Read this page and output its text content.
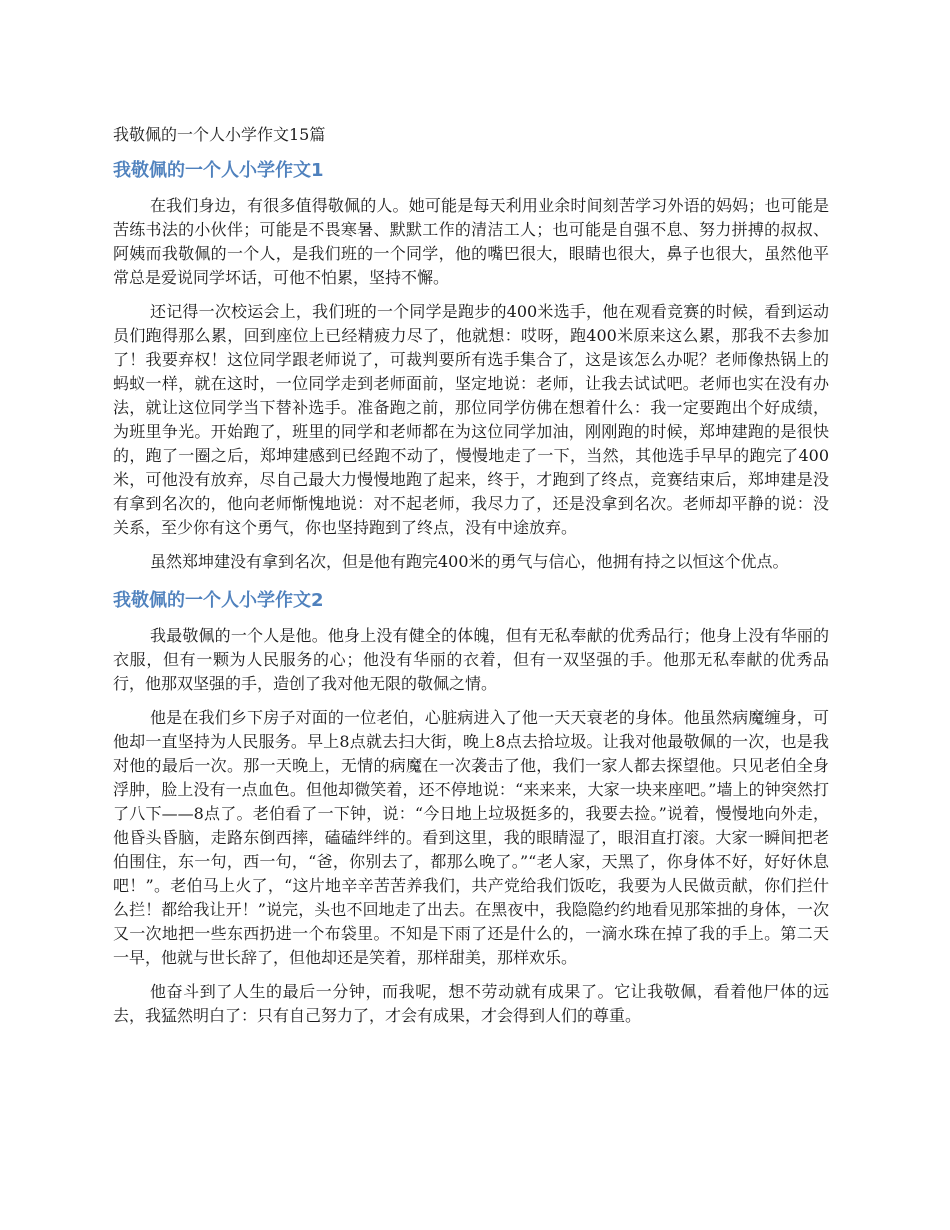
我敬佩的一个人小学作文15篇
我敬佩的一个人小学作文1

在我们身边，有很多值得敬佩的人。她可能是每天利用业余时间刻苦学习外语的妈妈；也可能是苦练书法的小伙伴；可能是不畏寒暑、默默工作的清洁工人；也可能是自强不息、努力拼搏的叔叔、阿姨而我敬佩的一个人，是我们班的一个同学，他的嘴巴很大，眼睛也很大，鼻子也很大，虽然他平常总是爱说同学坏话，可他不怕累，坚持不懈。

还记得一次校运会上，我们班的一个同学是跑步的400米选手，他在观看竞赛的时候，看到运动员们跑得那么累，回到座位上已经精疲力尽了，他就想：哎呀，跑400米原来这么累，那我不去参加了！我要弃权！这位同学跟老师说了，可裁判要所有选手集合了，这是该怎么办呢？老师像热锅上的蚂蚁一样，就在这时，一位同学走到老师面前，坚定地说：老师，让我去试试吧。老师也实在没有办法，就让这位同学当下替补选手。准备跑之前，那位同学仿佛在想着什么：我一定要跑出个好成绩，为班里争光。开始跑了，班里的同学和老师都在为这位同学加油，刚刚跑的时候，郑坤建跑的是很快的，跑了一圈之后，郑坤建感到已经跑不动了，慢慢地走了一下，当然，其他选手早早的跑完了400米，可他没有放弃，尽自己最大力慢慢地跑了起来，终于，才跑到了终点，竞赛结束后，郑坤建是没有拿到名次的，他向老师惭愧地说：对不起老师，我尽力了，还是没拿到名次。老师却平静的说：没关系，至少你有这个勇气，你也坚持跑到了终点，没有中途放弃。

虽然郑坤建没有拿到名次，但是他有跑完400米的勇气与信心，他拥有持之以恒这个优点。

我敬佩的一个人小学作文2

我最敬佩的一个人是他。他身上没有健全的体魄，但有无私奉献的优秀品行；他身上没有华丽的衣服，但有一颗为人民服务的心；他没有华丽的衣着，但有一双坚强的手。他那无私奉献的优秀品行，他那双坚强的手，造创了我对他无限的敬佩之情。

他是在我们乡下房子对面的一位老伯，心脏病进入了他一天天衰老的身体。他虽然病魔缠身，可他却一直坚持为人民服务。早上8点就去扫大街，晚上8点去拾垃圾。让我对他最敬佩的一次，也是我对他的最后一次。那一天晚上，无情的病魔在一次袭击了他，我们一家人都去探望他。只见老伯全身浮肿，脸上没有一点血色。但他却微笑着，还不停地说：“来来来，大家一块来座吧。”墙上的钟突然打了八下——8点了。老伯看了一下钟，说：“今日地上垃圾挺多的，我要去捡。”说着，慢慢地向外走，他昏头昏脑，走路东倒西摔，磕磕绊绊的。看到这里，我的眼睛湿了，眼泪直打滚。大家一瞬间把老伯围住，东一句，西一句，“爸，你别去了，都那么晚了。”“老人家，天黑了，你身体不好，好好休息吧！”。老伯马上火了，“这片地辛辛苦苦养我们，共产党给我们饭吃，我要为人民做贡献，你们拦什么拦！都给我让开！”说完，头也不回地走了出去。在黑夜中，我隐隐约约地看见那笨拙的身体，一次又一次地把一些东西扔进一个布袋里。不知是下雨了还是什么的，一滴水珠在掉了我的手上。第二天一早，他就与世长辞了，但他却还是笑着，那样甜美，那样欢乐。

他奋斗到了人生的最后一分钟，而我呢，想不劳动就有成果了。它让我敬佩，看着他尸体的远去，我猛然明白了：只有自己努力了，才会有成果，才会得到人们的尊重。
